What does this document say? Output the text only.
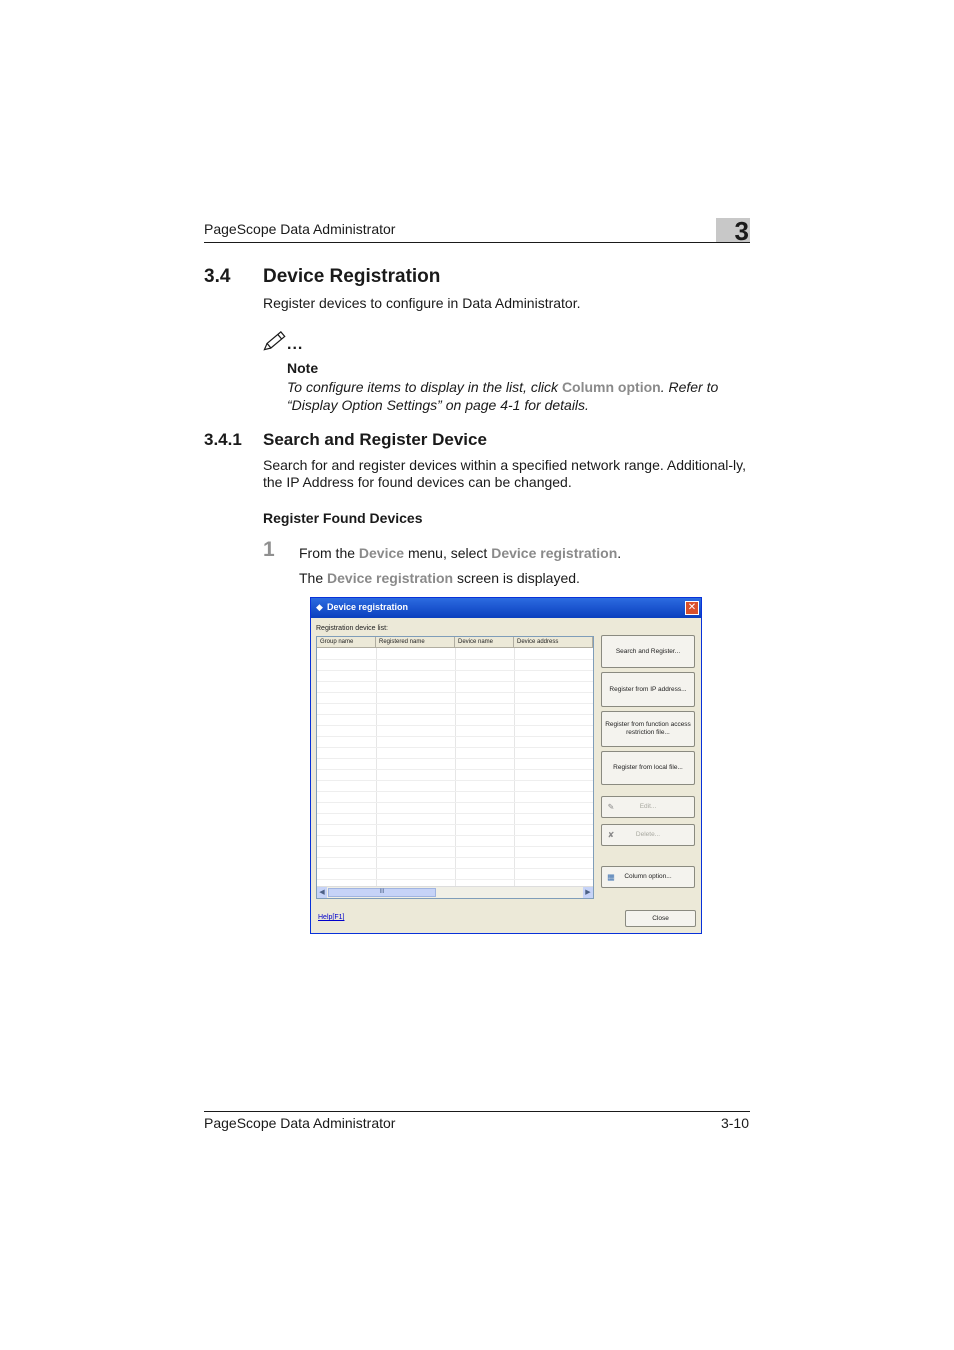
PageScope Data Administrator	3
3.4 Device Registration
Register devices to configure in Data Administrator.
...
Note
To configure items to display in the list, click Column option. Refer to “Display Option Settings” on page 4-1 for details.
3.4.1 Search and Register Device
Search for and register devices within a specified network range. Additional-ly, the IP Address for found devices can be changed.
Register Found Devices
1 From the Device menu, select Device registration.
The Device registration screen is displayed.
◆ Device registration	✕
Registration device list:
Group name	Registered name	Device name	Device address
◀	III	▶
Search and Register...
Register from IP address...
Register from function access restriction file...
Register from local file...
✎	Edit...
✘	Delete...
▦ Column option...
Help[F1]	Close
PageScope Data Administrator	3-10
